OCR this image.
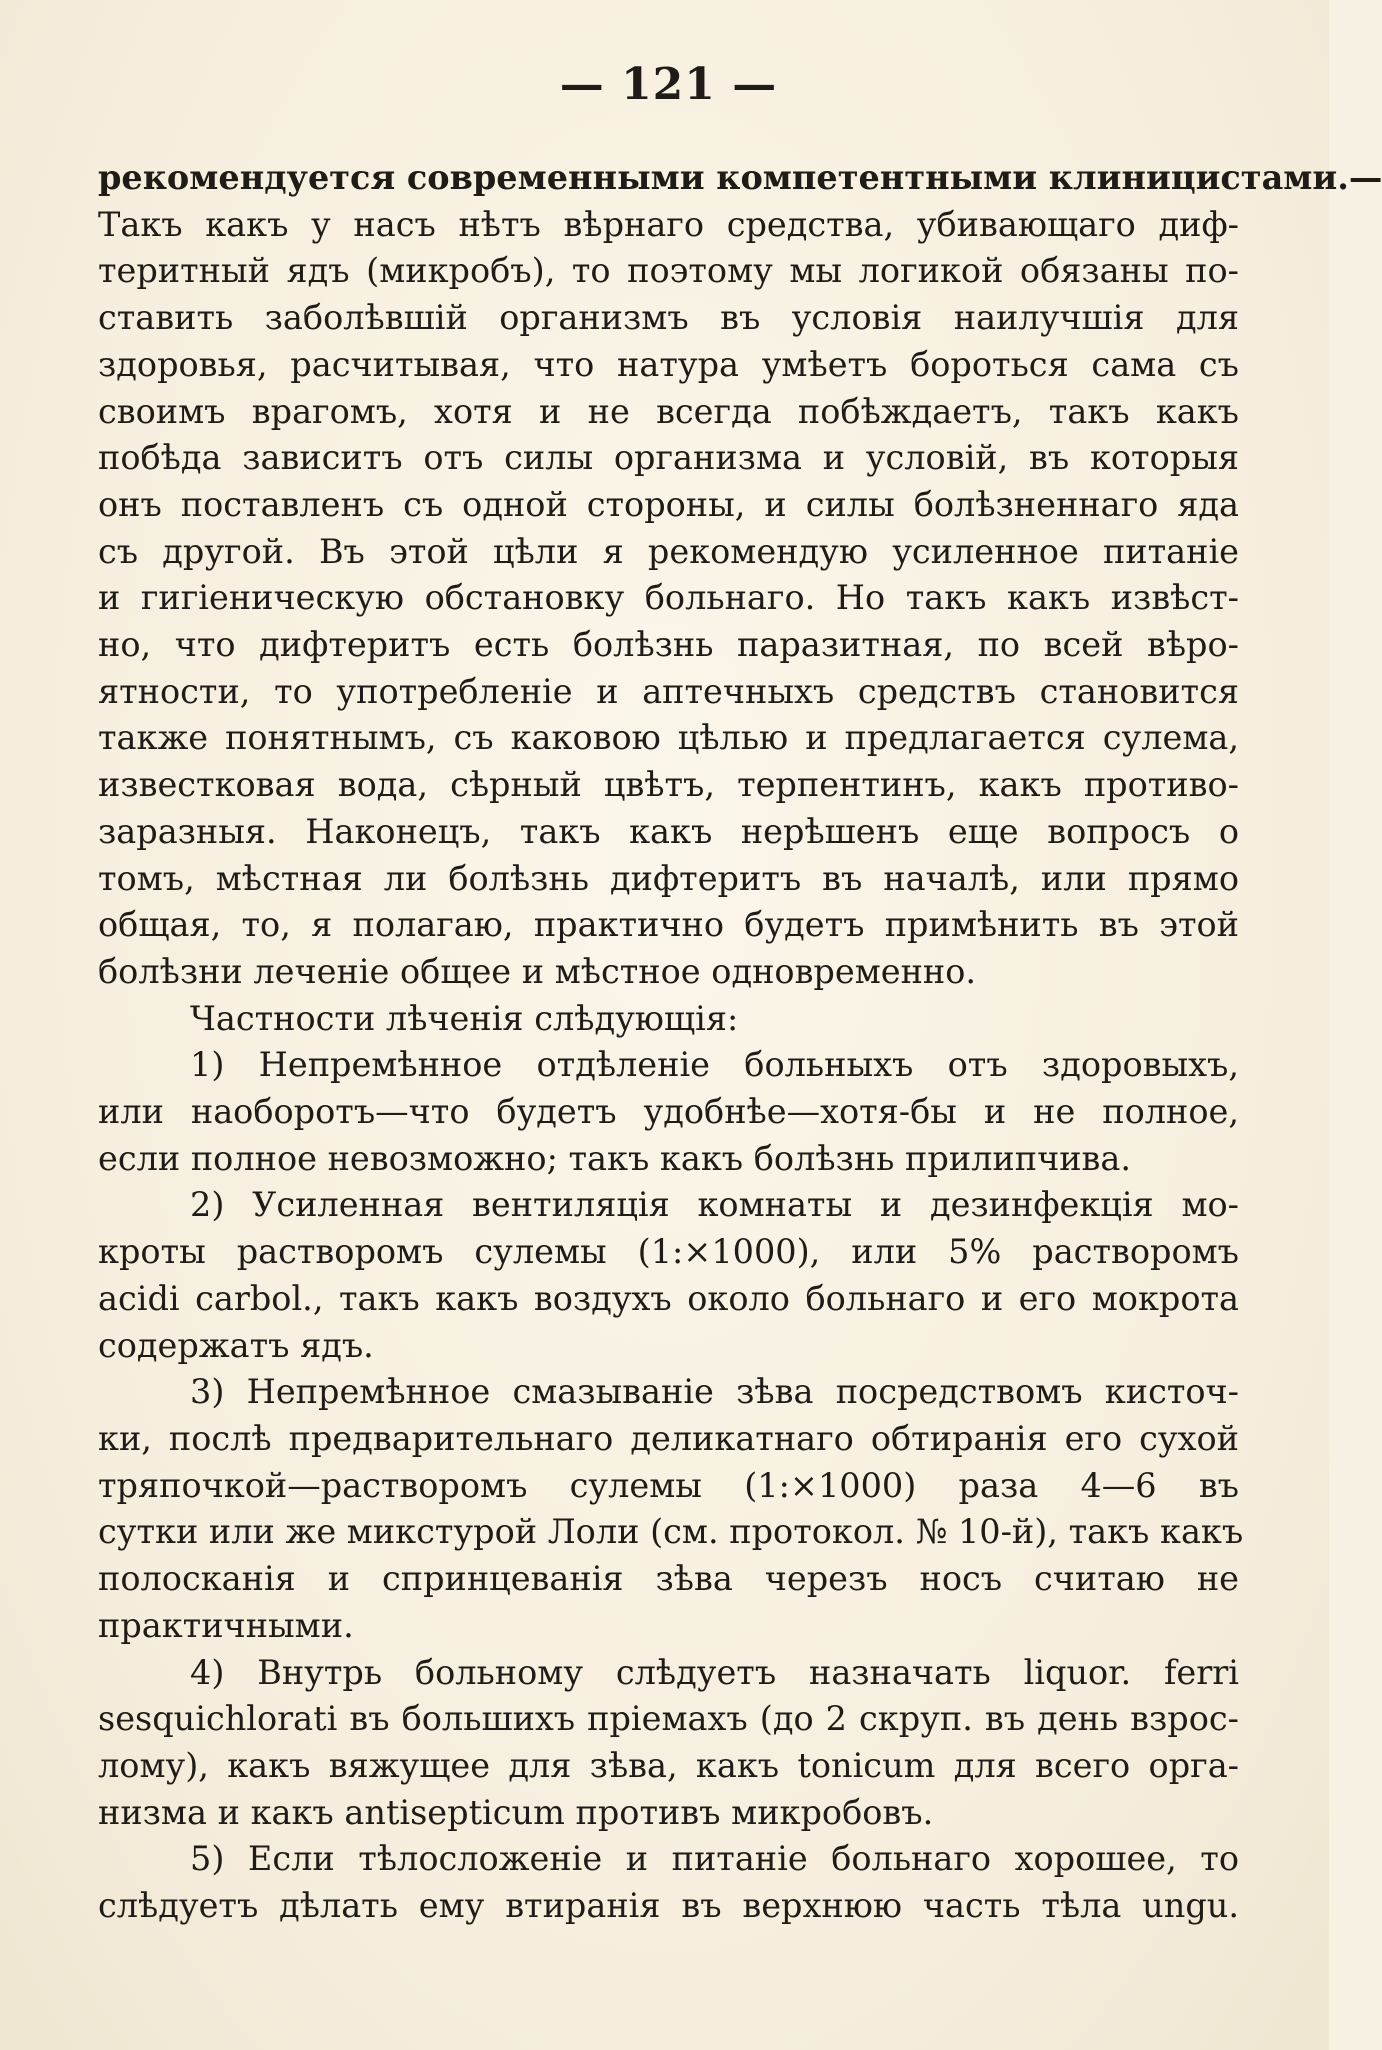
— 121 —
рекомендуется современными компетентными клиницистами.—
Такъ какъ у насъ нѣтъ вѣрнаго средства, убивающаго диф-
теритный ядъ (микробъ), то поэтому мы логикой обязаны по-
ставить заболѣвшій организмъ въ условія наилучшія для
здоровья, расчитывая, что натура умѣетъ бороться сама съ
своимъ врагомъ, хотя и не всегда побѣждаетъ, такъ какъ
побѣда зависитъ отъ силы организма и условій, въ которыя
онъ поставленъ съ одной стороны, и силы болѣзненнаго яда
съ другой. Въ этой цѣли я рекомендую усиленное питаніе
и гигіеническую обстановку больнаго. Но такъ какъ извѣст-
но, что дифтеритъ есть болѣзнь паразитная, по всей вѣро-
ятности, то употребленіе и аптечныхъ средствъ становится
также понятнымъ, съ каковою цѣлью и предлагается сулема,
известковая вода, сѣрный цвѣтъ, терпентинъ, какъ противо-
заразныя. Наконецъ, такъ какъ нерѣшенъ еще вопросъ о
томъ, мѣстная ли болѣзнь дифтеритъ въ началѣ, или прямо
общая, то, я полагаю, практично будетъ примѣнить въ этой
болѣзни леченіе общее и мѣстное одновременно.
Частности лѣченія слѣдующія:
1) Непремѣнное отдѣленіе больныхъ отъ здоровыхъ,
или наоборотъ—что будетъ удобнѣе—хотя-бы и не полное,
если полное невозможно; такъ какъ болѣзнь прилипчива.
2) Усиленная вентиляція комнаты и дезинфекція мо-
кроты растворомъ сулемы (1:×1000), или 5% растворомъ
acidi carbol., такъ какъ воздухъ около больнаго и его мокрота
содержатъ ядъ.
3) Непремѣнное смазываніе зѣва посредствомъ кисточ-
ки, послѣ предварительнаго деликатнаго обтиранія его сухой
тряпочкой—растворомъ сулемы (1:×1000) раза 4—6 въ
сутки или же микстурой Лоли (см. протокол. № 10-й), такъ какъ
полосканія и спринцеванія зѣва черезъ носъ считаю не
практичными.
4) Внутрь больному слѣдуетъ назначать liquor. ferri
sesquichlorati въ большихъ пріемахъ (до 2 скруп. въ день взрос-
лому), какъ вяжущее для зѣва, какъ tonicum для всего орга-
низма и какъ antisepticum противъ микробовъ.
5) Если тѣлосложеніе и питаніе больнаго хорошее, то
слѣдуетъ дѣлать ему втиранія въ верхнюю часть тѣла ungu.
